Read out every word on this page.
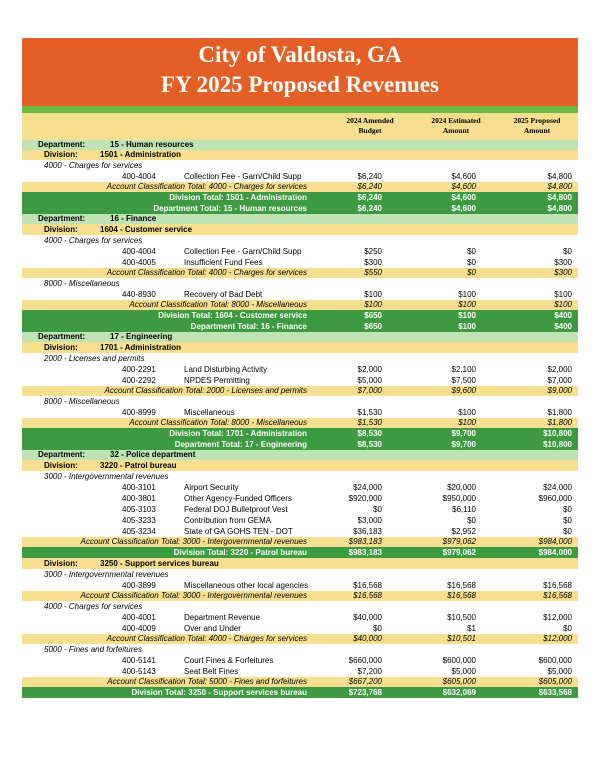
City of Valdosta, GA
FY 2025 Proposed Revenues
2024 Amended
Budget
2024 Estimated
Amount
2025 Proposed
Amount
Department:	15 - Human resources
Division:	1501 - Administration
4000 - Charges for services
400-4004	Collection Fee - Garn/Child Supp	$6,240	$4,600	$4,800
Account Classification Total: 4000 - Charges for services	$6,240	$4,600	$4,800
Division Total: 1501 - Administration	$6,240	$4,600	$4,800
Department Total: 15 - Human resources	$6,240	$4,600	$4,800
Department:	16 - Finance
Division:	1604 - Customer service
4000 - Charges for services
400-4004	Collection Fee - Garn/Child Supp	$250	$0	$0
400-4005	Insufficient Fund Fees	$300	$0	$300
Account Classification Total: 4000 - Charges for services	$550	$0	$300
8000 - Miscellaneous
440-8930	Recovery of Bad Debt	$100	$100	$100
Account Classification Total: 8000 - Miscellaneous	$100	$100	$100
Division Total: 1604 - Customer service	$650	$100	$400
Department Total: 16 - Finance	$650	$100	$400
Department:	17 - Engineering
Division:	1701 - Administration
2000 - Licenses and permits
400-2291	Land Disturbing Activity	$2,000	$2,100	$2,000
400-2292	NPDES Permitting	$5,000	$7,500	$7,000
Account Classification Total: 2000 - Licenses and permits	$7,000	$9,600	$9,000
8000 - Miscellaneous
400-8999	Miscellaneous	$1,530	$100	$1,800
Account Classification Total: 8000 - Miscellaneous	$1,530	$100	$1,800
Division Total: 1701 - Administration	$8,530	$9,700	$10,800
Department Total: 17 - Engineering	$8,530	$9,700	$10,800
Department:	32 - Police department
Division:	3220 - Patrol bureau
3000 - Intergovernmental revenues
400-3101	Airport Security	$24,000	$20,000	$24,000
400-3801	Other Agency-Funded Officers	$920,000	$950,000	$960,000
405-3103	Federal DOJ Bulletproof Vest	$0	$6,110	$0
405-3233	Contribution from GEMA	$3,000	$0	$0
405-3234	State of GA GOHS TEN - DOT	$36,183	$2,952	$0
Account Classification Total: 3000 - Intergovernmental revenues	$983,183	$979,062	$984,000
Division Total: 3220 - Patrol bureau	$983,183	$979,062	$984,000
Division:	3250 - Support services bureau
3000 - Intergovernmental revenues
400-3899	Miscellaneous other local agencies	$16,568	$16,568	$16,568
Account Classification Total: 3000 - Intergovernmental revenues	$16,568	$16,568	$16,568
4000 - Charges for services
400-4001	Department Revenue	$40,000	$10,500	$12,000
400-4009	Over and Under	$0	$1	$0
Account Classification Total: 4000 - Charges for services	$40,000	$10,501	$12,000
5000 - Fines and forfeitures
400-5141	Court Fines & Forfeitures	$660,000	$600,000	$600,000
400-5143	Seat Belt Fines	$7,200	$5,000	$5,000
Account Classification Total: 5000 - Fines and forfeitures	$667,200	$605,000	$605,000
Division Total: 3250 - Support services bureau	$723,768	$632,069	$633,568
